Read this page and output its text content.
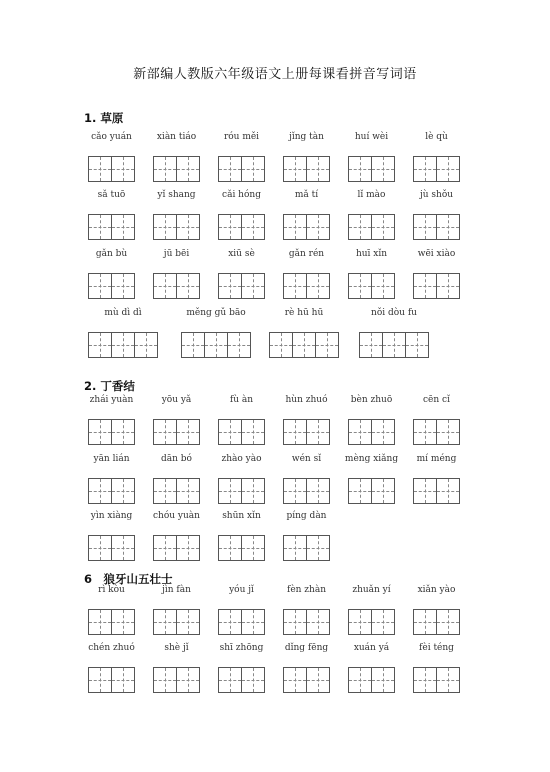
新部编人教版六年级语文上册每课看拼音写词语
1. 草原
cǎo yuán	xiàn tiáo	róu měi	jǐng tàn	huí wèi	lè qù
sǎ tuō	yǐ shang	cǎi hóng	mǎ tí	lǐ mào	jù shǒu
gǎn bù	jū bēi	xiū sè	gǎn rén	huī xǐn	wēi xiào
mù dì dì	měng gǔ bāo	rè hū hū	nǒi dòu fu
2. 丁香结
zhái yuàn	yōu yǎ	fù àn	hùn zhuó	bèn zhuō	cēn cǐ
yān lián	dān bó	zhào yào	wén sǐ	mèng xiǎng	mí méng
yìn xiàng	chóu yuàn	shūn xǐn	píng dàn
6　狼牙山五壮士
rì kòu	jìn fàn	yóu jǐ	fèn zhàn	zhuǎn yí	xiǎn yào
chén zhuó	shè jǐ	shī zhōng	dǐng fēng	xuán yá	fèi téng
